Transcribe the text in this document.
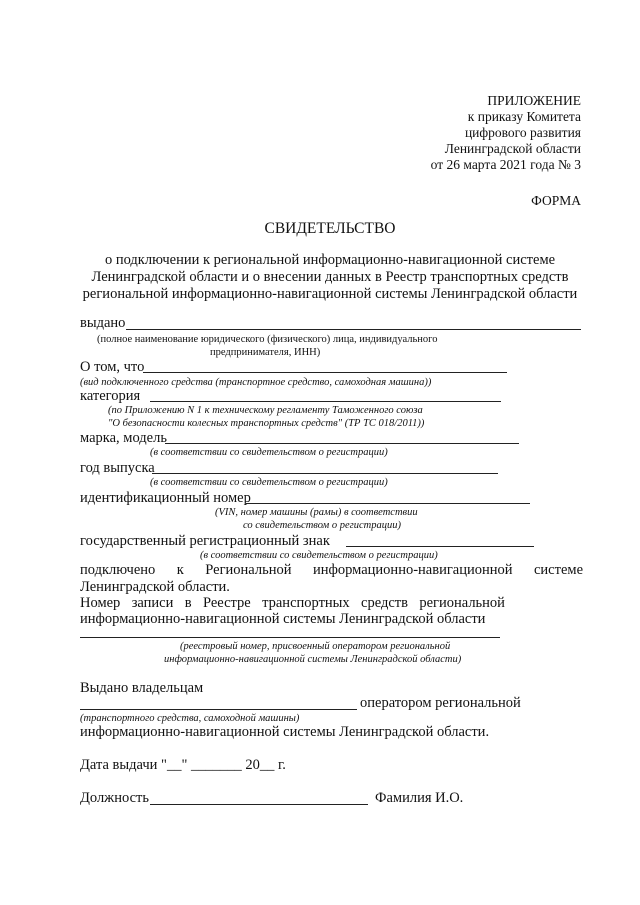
ПРИЛОЖЕНИЕ
к приказу Комитета
цифрового развития
Ленинградской области
от 26 марта 2021 года № 3
ФОРМА
СВИДЕТЕЛЬСТВО
о подключении к региональной информационно-навигационной системе
Ленинградской области и о внесении данных в Реестр транспортных средств
региональной информационно-навигационной системы Ленинградской области
выдано
(полное наименование юридического (физического) лица, индивидуального
предпринимателя, ИНН)
О том, что
(вид подключенного средства (транспортное средство, самоходная машина))
категория
(по Приложению N 1 к техническому регламенту Таможенного союза
"О безопасности колесных транспортных средств" (ТР ТС 018/2011))
марка, модель
(в соответствии со свидетельством о регистрации)
год выпуска
(в соответствии со свидетельством о регистрации)
идентификационный номер
(VIN, номер машины (рамы) в соответствии
со свидетельством о регистрации)
государственный регистрационный знак
(в соответствии со свидетельством о регистрации)
подключено к Региональной информационно-навигационной системе
Ленинградской области.
Номер записи в Реестре транспортных средств региональной
информационно-навигационной системы Ленинградской области
(реестровый номер, присвоенный оператором региональной
информационно-навигационной системы Ленинградской области)
Выдано владельцам
оператором региональной
(транспортного средства, самоходной машины)
информационно-навигационной системы Ленинградской области.
Дата выдачи "__" _______ 20__ г.
Должность	Фамилия И.О.
